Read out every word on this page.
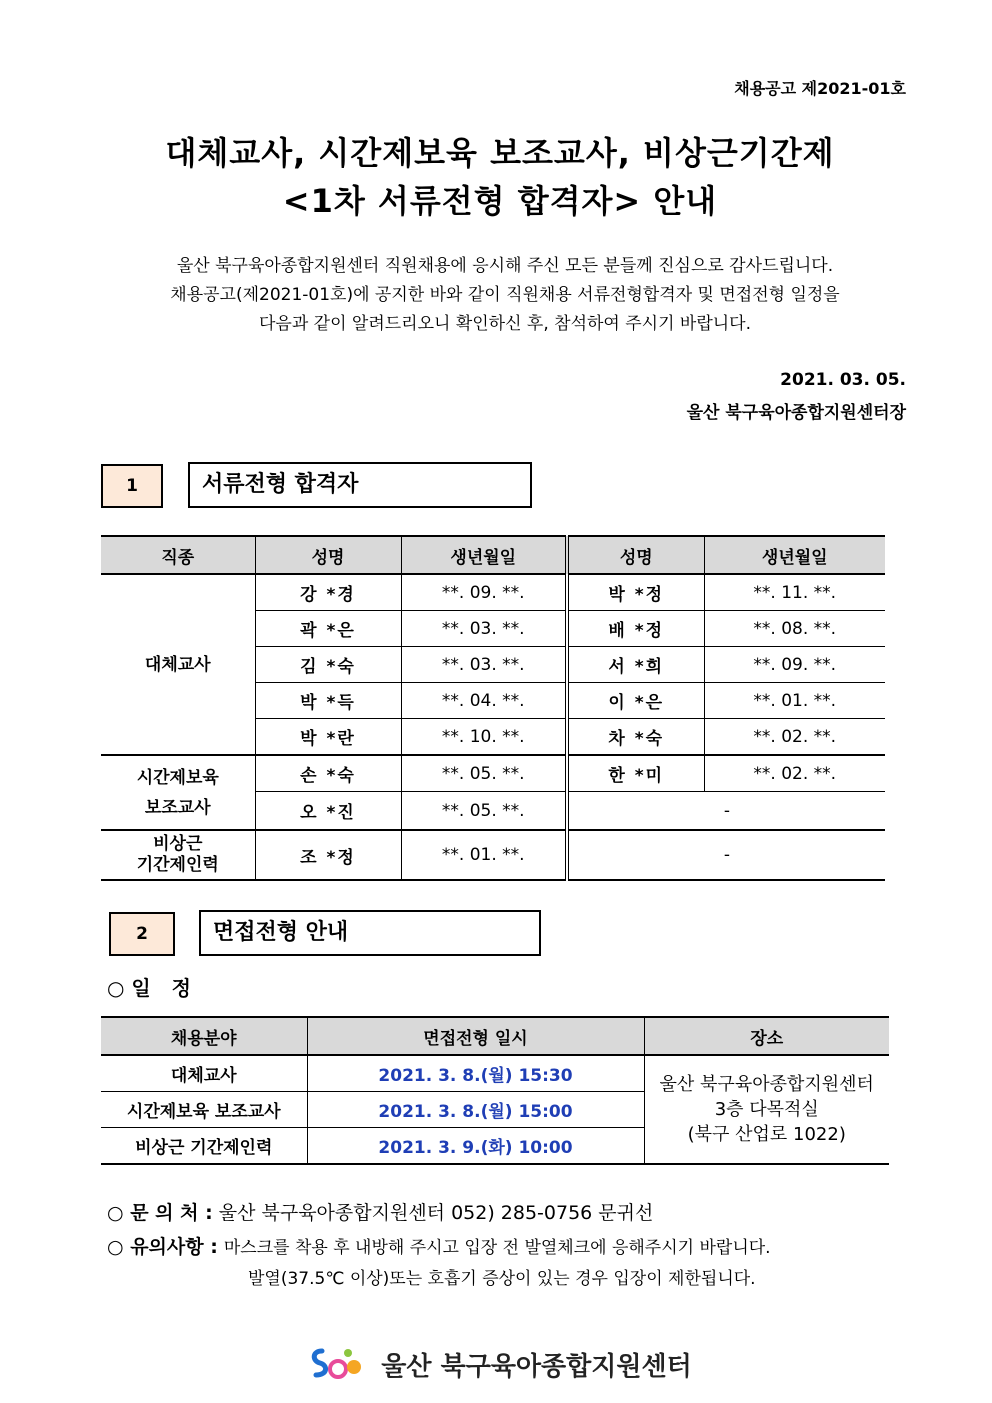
채용공고 제2021-01호
대체교사, 시간제보육 보조교사, 비상근기간제
<1차 서류전형 합격자> 안내
울산 북구육아종합지원센터 직원채용에 응시해 주신 모든 분들께 진심으로 감사드립니다.
채용공고(제2021-01호)에 공지한 바와 같이 직원채용 서류전형합격자 및 면접전형 일정을
다음과 같이 알려드리오니 확인하신 후, 참석하여 주시기 바랍니다.
2021. 03. 05.
울산 북구육아종합지원센터장
1	서류전형 합격자
직종	성명	생년월일	성명	생년월일
대체교사	강 *경	**. 09. **.	박 *정	**. 11. **.
	곽 *은	**. 03. **.	배 *정	**. 08. **.
	김 *숙	**. 03. **.	서 *희	**. 09. **.
	박 *득	**. 04. **.	이 *은	**. 01. **.
	박 *란	**. 10. **.	차 *숙	**. 02. **.

시간제보육
보조교사	손 *숙	**. 05. **.	한 *미	**. 02. **.
	오 *진	**. 05. **.	-	

비상근
기간제인력	조 *정	**. 01. **.	-	
2	면접전형 안내
○ 일   정
채용분야	면접전형 일시	장소
대체교사	2021. 3. 8.(월) 15:30	울산 북구육아종합지원센터
3층 다목적실
(북구 산업로 1022)

시간제보육 보조교사	2021. 3. 8.(월) 15:00	
비상근 기간제인력	2021. 3. 9.(화) 10:00	
○ 문 의 처 : 울산 북구육아종합지원센터 052) 285-0756 문귀선
○ 유의사항 : 마스크를 착용 후 내방해 주시고 입장 전 발열체크에 응해주시기 바랍니다.
발열(37.5℃ 이상)또는 호흡기 증상이 있는 경우 입장이 제한됩니다.
울산 북구육아종합지원센터
